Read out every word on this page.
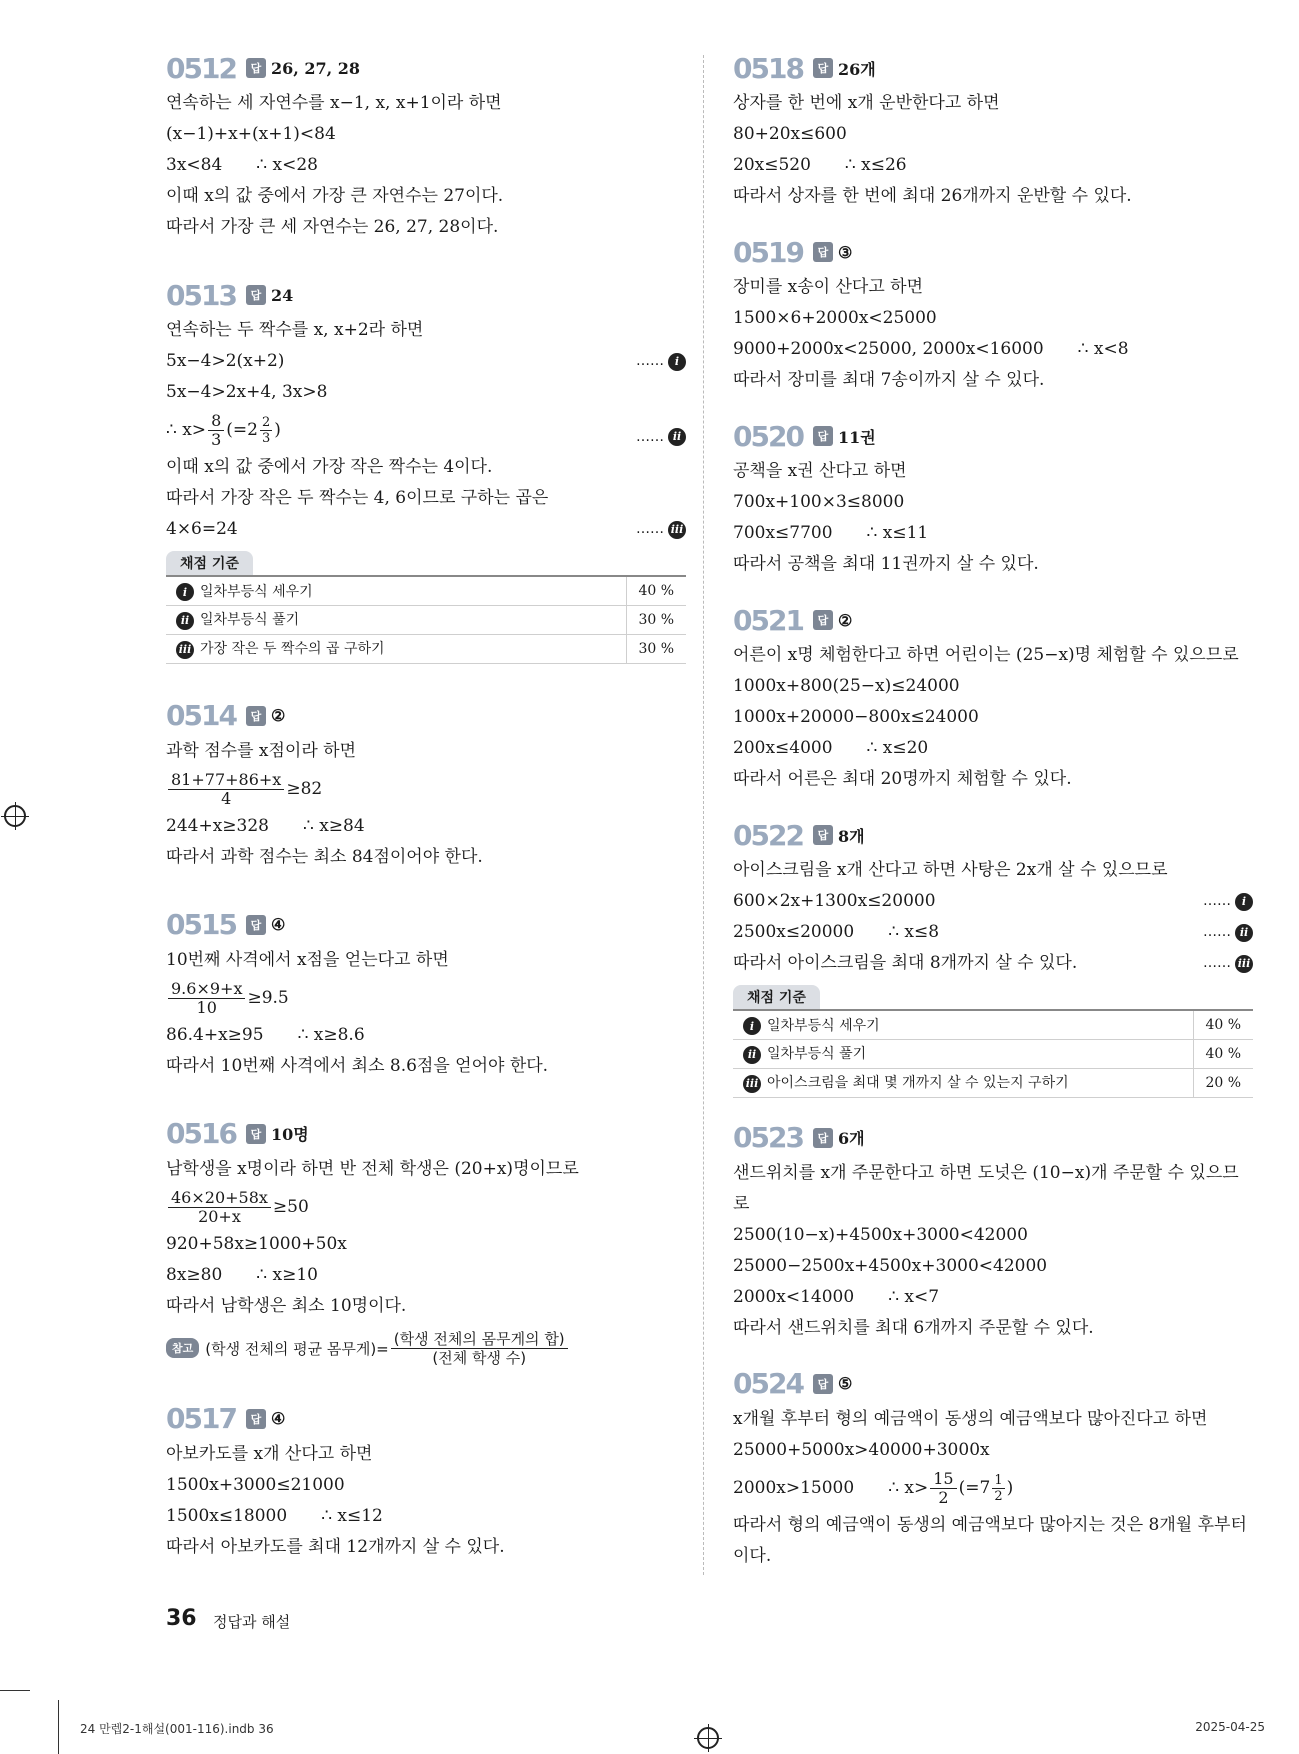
0512	답 26, 27, 28
연속하는 세 자연수를 x−1, x, x+1이라 하면
(x−1)+x+(x+1)<84
3x<84 ∴ x<28
이때 x의 값 중에서 가장 큰 자연수는 27이다.
따라서 가장 큰 세 자연수는 26, 27, 28이다.
0513	답 24
연속하는 두 짝수를 x, x+2라 하면
5x−4>2(x+2)	…… i
5x−4>2x+4, 3x>8
∴ $x> \frac{8}{3} (=2 \frac{2}{3}$ )	…… ii
이때 x의 값 중에서 가장 작은 짝수는 4이다.
따라서 가장 작은 두 짝수는 4, 6이므로 구하는 곱은
4×6=24	…… iii
채점 기준
i 일차부등식 세우기	40 %
ii 일차부등식 풀기	30 %
iii 가장 작은 두 짝수의 곱 구하기	30 %
0514	답 ②
과학 점수를 x점이라 하면
$\frac{81+77+86+x}{4} \ge 82$
244+x≥328 ∴ x≥84
따라서 과학 점수는 최소 84점이어야 한다.
0515	답 ④
10번째 사격에서 x점을 얻는다고 하면
$\frac{9.6\times 9+x}{10} \ge 9.5$
86.4+x≥95 ∴ x≥8.6
따라서 10번째 사격에서 최소 8.6점을 얻어야 한다.
0516	답 10명
남학생을 x명이라 하면 반 전체 학생은 (20+x)명이므로
$\frac{46\times 20+58x}{20+x} \ge 50$
920+58x≥1000+50x
8x≥80 ∴ x≥10
따라서 남학생은 최소 10명이다.
참고 (학생 전체의 평균 몸무게)= $\frac{\text{(학생 전체의 몸무게의 합)}}{\text{(전체 학생 수)}}$
0517	답 ④
아보카도를 x개 산다고 하면
1500x+3000≤21000
1500x≤18000 ∴ x≤12
따라서 아보카도를 최대 12개까지 살 수 있다.
0518	답 26개
상자를 한 번에 x개 운반한다고 하면
80+20x≤600
20x≤520 ∴ x≤26
따라서 상자를 한 번에 최대 26개까지 운반할 수 있다.
0519	답 ③
장미를 x송이 산다고 하면
1500×6+2000x<25000
9000+2000x<25000, 2000x<16000 ∴ x<8
따라서 장미를 최대 7송이까지 살 수 있다.
0520	답 11권
공책을 x권 산다고 하면
700x+100×3≤8000
700x≤7700 ∴ x≤11
따라서 공책을 최대 11권까지 살 수 있다.
0521	답 ②
어른이 x명 체험한다고 하면 어린이는 (25−x)명 체험할 수 있으므로
1000x+800(25−x)≤24000
1000x+20000−800x≤24000
200x≤4000 ∴ x≤20
따라서 어른은 최대 20명까지 체험할 수 있다.
0522	답 8개
아이스크림을 x개 산다고 하면 사탕은 2x개 살 수 있으므로
600×2x+1300x≤20000	…… i
2500x≤20000 ∴ x≤8	…… ii
따라서 아이스크림을 최대 8개까지 살 수 있다.	…… iii
채점 기준
i 일차부등식 세우기	40 %
ii 일차부등식 풀기	40 %
iii 아이스크림을 최대 몇 개까지 살 수 있는지 구하기	20 %
0523	답 6개
샌드위치를 x개 주문한다고 하면 도넛은 (10−x)개 주문할 수 있으므로
2500(10−x)+4500x+3000<42000
25000−2500x+4500x+3000<42000
2000x<14000 ∴ x<7
따라서 샌드위치를 최대 6개까지 주문할 수 있다.
0524	답 ⑤
x개월 후부터 형의 예금액이 동생의 예금액보다 많아진다고 하면
25000+5000x>40000+3000x
2000x>15000 ∴ $x> \frac{15}{2} (=7 \frac{1}{2}$ )
따라서 형의 예금액이 동생의 예금액보다 많아지는 것은 8개월 후부터이다.
36 정답과 해설
24 만렙2-1해설(001-116).indb 36	2025-04-25
